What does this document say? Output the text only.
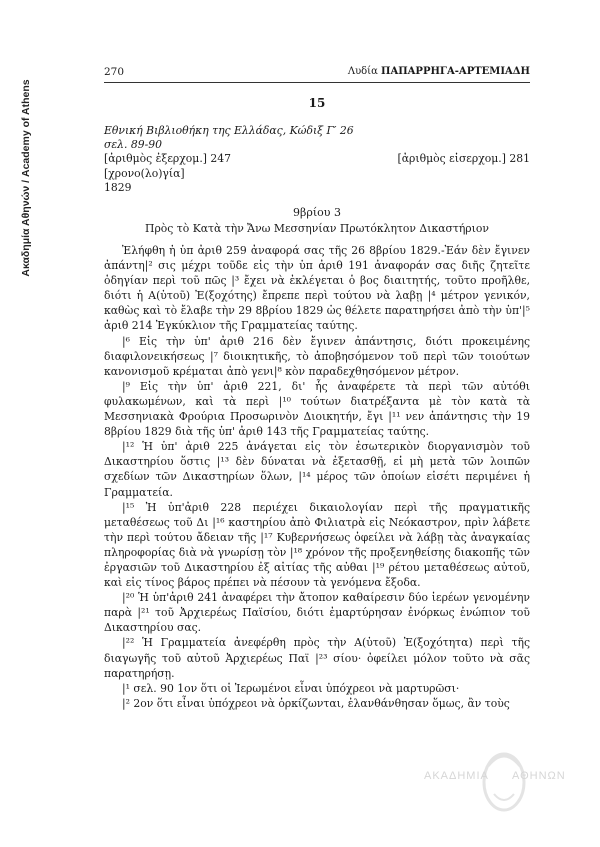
Ακαδημία Αθηνών / Academy of Athens
270	Λυδία ΠΑΠΑΡΡΗΓΑ-ΑΡΤΕΜΙΑΔΗ
15
Εθνική Βιβλιοθήκη της Ελλάδας, Κώδιξ Γ′ 26
σελ. 89-90
[ἀριθμὸς ἐξερχομ.] 247	[ἀριθμὸς εἰσερχομ.] 281
[χρονο(λο)γία]
1829
9βρίου 3
Πρὸς τὸ Κατὰ τὴν Ἄνω Μεσσηνίαν Πρωτόκλητον Δικαστήριον

Ἐλήφθη ἡ ὑπ ἀριθ 259 ἀναφορά σας τῆς 26 8βρίου 1829.-Ἐάν δὲν ἔγινεν ἀπάντη|² σις μέχρι τοῦδε εἰς τὴν ὑπ ἀριθ 191 ἀναφοράν σας διῆς ζητεῖτε ὁδηγίαν περὶ τοῦ πῶς |³ ἔχει νὰ ἐκλέγεται ὁ βος διαιτητής, τοῦτο προῆλθε, διότι ἡ Α(ὐτοῦ) Ἐ(ξοχότης) ἔπρεπε περὶ τούτου νὰ λαβῃ |⁴ μέτρον γενικόν, καθὼς καὶ τὸ ἔλαβε τὴν 29 8βρίου 1829 ὡς θέλετε παρατηρήσει ἀπὸ τὴν ὑπ'|⁵ ἀριθ 214 Ἐγκύκλιον τῆς Γραμματείας ταύτης.

|⁶ Εἰς τὴν ὑπ' ἀριθ 216 δὲν ἔγινεν ἀπάντησις, διότι προκειμένης διαφιλονεικήσεως |⁷ διοικητικῆς, τὸ ἀποβησόμενον τοῦ περὶ τῶν τοιούτων κανονισμοῦ κρέμαται ἀπὸ γενι|⁸ κὸν παραδεχθησόμενον μέτρον.

|⁹ Εἰς τὴν ὑπ' ἀριθ 221, δι' ἧς ἀναφέρετε τὰ περὶ τῶν αὐτόθι φυλακωμένων, καὶ τὰ περὶ |¹⁰ τούτων διατρέξαντα μὲ τὸν κατὰ τὰ Μεσσηνιακὰ Φρούρια Προσωρινὸν Διοικητήν, ἔγι |¹¹ νεν ἀπάντησις τὴν 19 8βρίου 1829 διὰ τῆς ὑπ' ἀριθ 143 τῆς Γραμματείας ταύτης.

|¹² Ἡ ὑπ' ἀριθ 225 ἀνάγεται εἰς τὸν ἐσωτερικὸν διοργανισμὸν τοῦ Δικαστηρίου ὅστις |¹³ δὲν δύναται νὰ ἐξετασθῇ, εἰ μὴ μετὰ τῶν λοιπῶν σχεδίων τῶν Δικαστηρίων ὅλων, |¹⁴ μέρος τῶν ὁποίων εἰσέτι περιμένει ἡ Γραμματεία.

|¹⁵ Ἡ ὑπ'ἀριθ 228 περιέχει δικαιολογίαν περὶ τῆς πραγματικῆς μεταθέσεως τοῦ Δι |¹⁶ καστηρίου ἀπὸ Φιλιατρὰ εἰς Νεόκαστρον, πρὶν λάβετε τὴν περὶ τούτου ἄδειαν τῆς |¹⁷ Κυβερνήσεως ὀφείλει νὰ λάβῃ τὰς ἀναγκαίας πληροφορίας διὰ νὰ γνωρίσῃ τὸν |¹⁸ χρόνον τῆς προξενηθείσης διακοπῆς τῶν ἐργασιῶν τοῦ Δικαστηρίου ἐξ αἰτίας τῆς αὐθαι |¹⁹ ρέτου μεταθέσεως αὐτοῦ, καὶ εἰς τίνος βάρος πρέπει νὰ πέσουν τὰ γενόμενα ἔξοδα.

|²⁰ Ἡ ὑπ'ἀριθ 241 ἀναφέρει τὴν ἄτοπον καθαίρεσιν δύο ἱερέων γενομένην παρὰ |²¹ τοῦ Ἀρχιερέως Παϊσίου, διότι ἐμαρτύρησαν ἐνόρκως ἐνώπιον τοῦ Δικαστηρίου σας.

|²² Ἡ Γραμματεία ἀνεφέρθη πρὸς τὴν Α(ὐτοῦ) Ἐ(ξοχότητα) περὶ τῆς διαγωγῆς τοῦ αὐτοῦ Ἀρχιερέως Παϊ |²³ σίου· ὀφείλει μόλον τοῦτο νὰ σᾶς παρατηρήσῃ.

|¹ σελ. 90 1ον ὅτι οἱ Ἱερωμένοι εἶναι ὑπόχρεοι νὰ μαρτυρῶσι·

|² 2ον ὅτι εἶναι ὑπόχρεοι νὰ ὁρκίζωνται, ἐλανθάνθησαν ὅμως, ἂν τοὺς

ΑΚΑΔΗΜΙΑ ΑΘΗΝΩΝ
